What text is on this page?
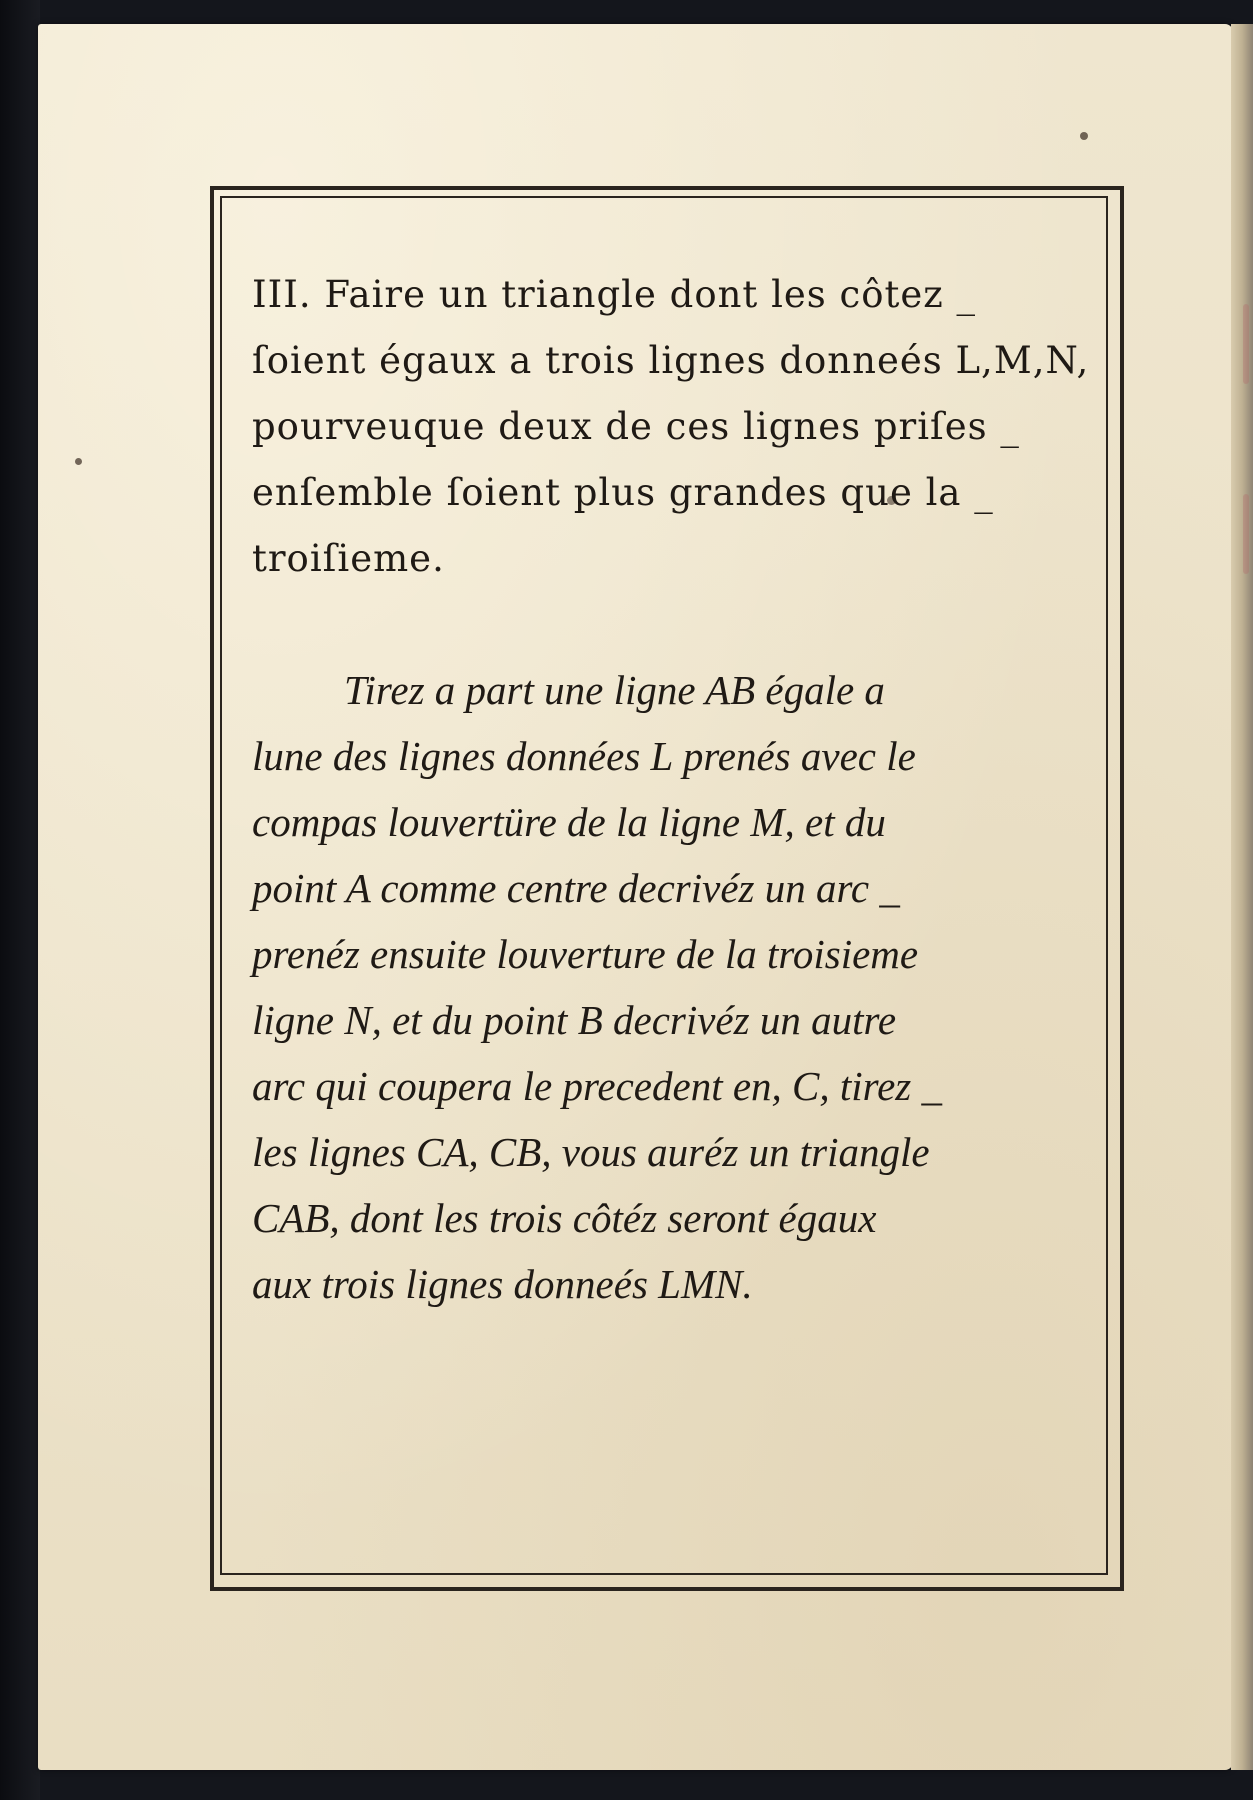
III. Faire un triangle dont les côtez _
ſoient égaux a trois lignes donneés L,M,N,
pourveuque deux de ces lignes priſes _
enſemble ſoient plus grandes que la _
troiſieme.
Tirez a part une ligne AB égale a
lune des lignes données L prenés avec le
compas louvertüre de la ligne M, et du
point A comme centre decrivéz un arc _
prenéz ensuite louverture de la troisieme
ligne N, et du point B decrivéz un autre
arc qui coupera le precedent en, C, tirez _
les lignes CA, CB, vous auréz un triangle
CAB, dont les trois côtéz seront égaux
aux trois lignes donneés LMN.
